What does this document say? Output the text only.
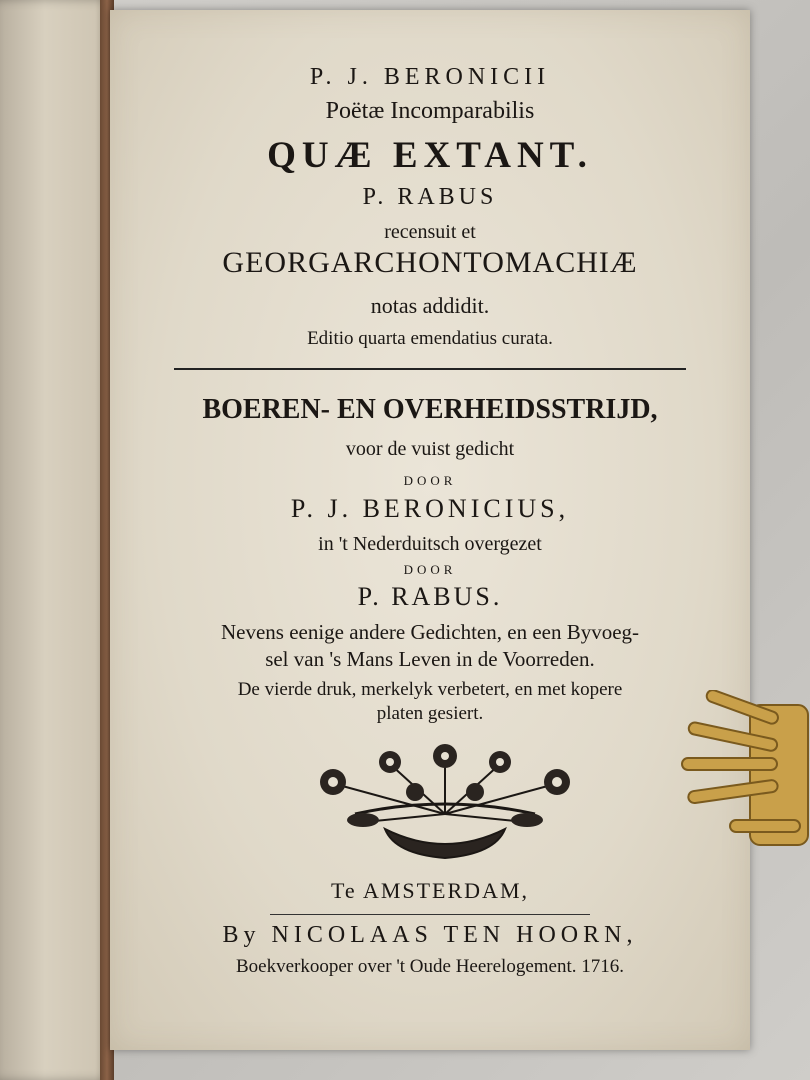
P. J. BERONICII
Poëtæ Incomparabilis
QUÆ EXTANT.
P. RABUS
recensuit et
GEORGARCHONTOMACHIÆ
notas addidit.
Editio quarta emendatius curata.
BOEREN- EN OVERHEIDSSTRIJD,
voor de vuist gedicht
DOOR
P. J. BERONICIUS,
in 't Nederduitsch overgezet
DOOR
P. RABUS.
Nevens eenige andere Gedichten, en een Byvoeg-
sel van 's Mans Leven in de Voorreden.
De vierde druk, merkelyk verbetert, en met kopere
platen gesiert.
Te AMSTERDAM,
By NICOLAAS TEN HOORN,
Boekverkooper over 't Oude Heerelogement. 1716.
